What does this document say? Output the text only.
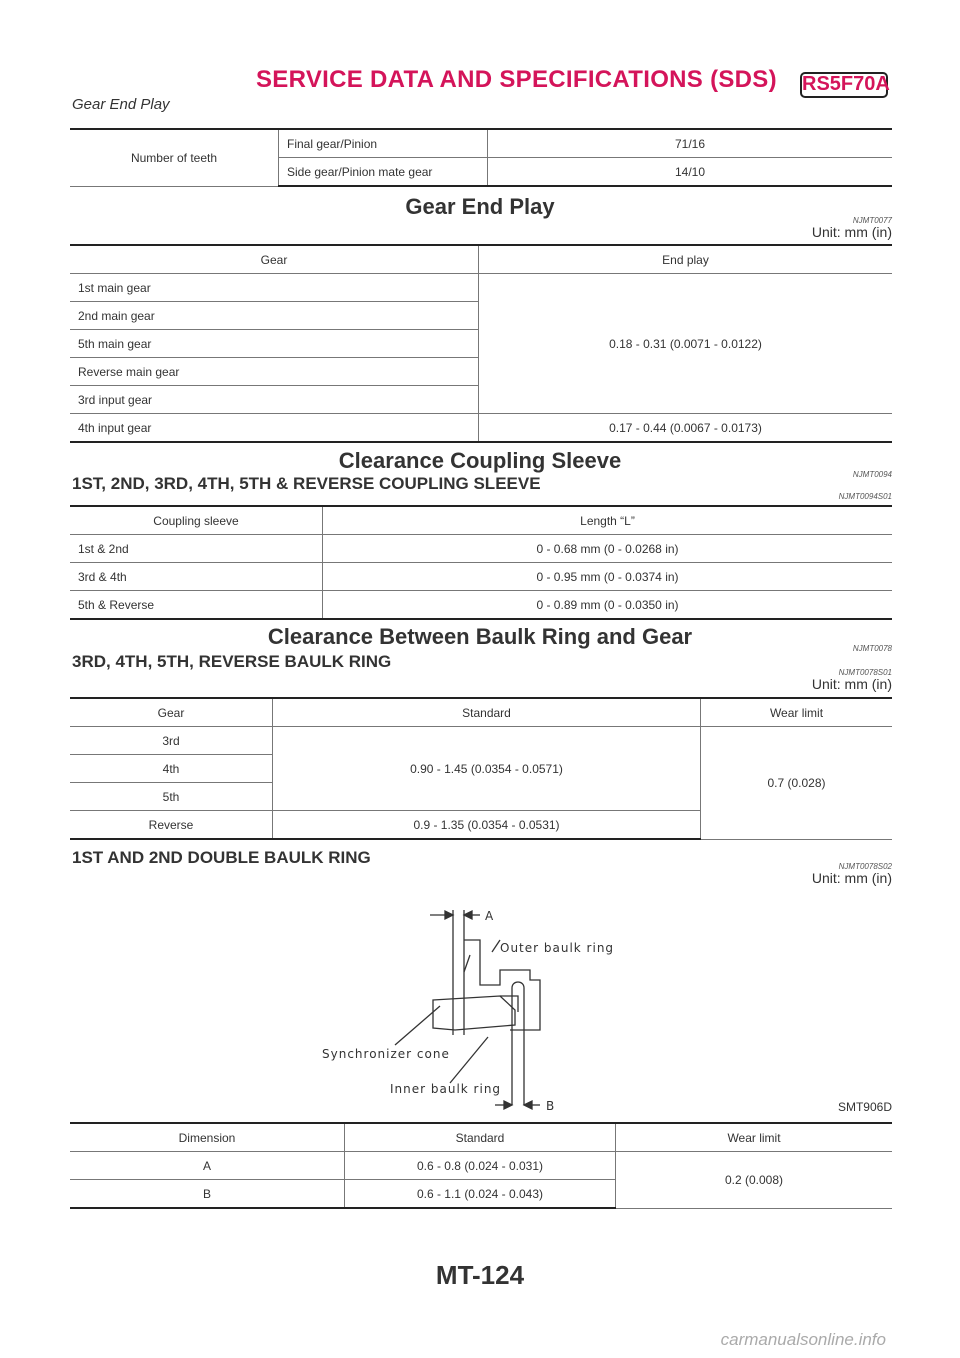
SERVICE DATA AND SPECIFICATIONS (SDS) RS5F70A
Gear End Play
Number of teeth	Final gear/Pinion	71/16
	Side gear/Pinion mate gear	14/10
Gear End Play
NJMT0077
Unit: mm (in)
Gear	End play
1st main gear	0.18 - 0.31 (0.0071 - 0.0122)
2nd main gear	
5th main gear	
Reverse main gear	
3rd input gear	
4th input gear	0.17 - 0.44 (0.0067 - 0.0173)
Clearance Coupling Sleeve
NJMT0094
1ST, 2ND, 3RD, 4TH, 5TH & REVERSE COUPLING SLEEVE
NJMT0094S01
Coupling sleeve	Length “L”
1st & 2nd	0 - 0.68 mm (0 - 0.0268 in)
3rd & 4th	0 - 0.95 mm (0 - 0.0374 in)
5th & Reverse	0 - 0.89 mm (0 - 0.0350 in)
Clearance Between Baulk Ring and Gear	NJMT0078
3RD, 4TH, 5TH, REVERSE BAULK RING
NJMT0078S01
Unit: mm (in)
Gear	Standard	Wear limit
3rd	0.90 - 1.45 (0.0354 - 0.0571)	0.7 (0.028)
4th		
5th		
Reverse	0.9 - 1.35 (0.0354 - 0.0531)	
1ST AND 2ND DOUBLE BAULK RING	NJMT0078S02
Unit: mm (in)
A
Outer baulk ring
Synchronizer cone
Inner baulk ring
B	SMT906D
Dimension	Standard	Wear limit
A	0.6 - 0.8 (0.024 - 0.031)	0.2 (0.008)
B	0.6 - 1.1 (0.024 - 0.043)	
MT-124
carmanualsonline.info
